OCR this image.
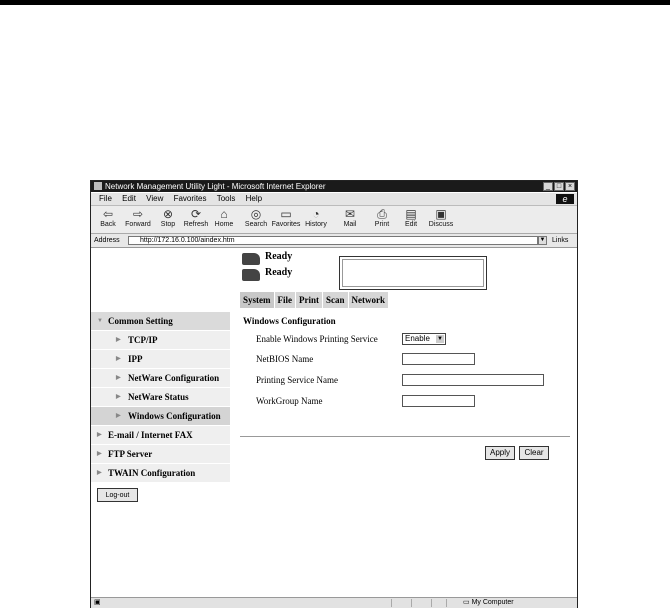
Network Management Utility Light - Microsoft Internet Explorer	_ □ ×
File Edit View Favorites Tools Help	e
⇦
Back
⇨
Forward
⊗
Stop
⟳
Refresh
⌂
Home
◎
Search
▭
Favorites
◔
History
✉
Mail
⎙
Print
▤
Edit
▣
Discuss
Address	http://172.16.0.100/aindex.htm	▼ Links
Ready
Ready
System File Print Scan Network
▼ Common Setting
▶ TCP/IP
▶ IPP
▶ NetWare Configuration
▶ NetWare Status
▶ Windows Configuration
▶ E-mail / Internet FAX
▶ FTP Server
▶ TWAIN Configuration
Log-out
Windows Configuration
Enable Windows Printing Service	Enable ▼
NetBIOS Name
Printing Service Name
WorkGroup Name
Apply	Clear
▣	▭ My Computer
